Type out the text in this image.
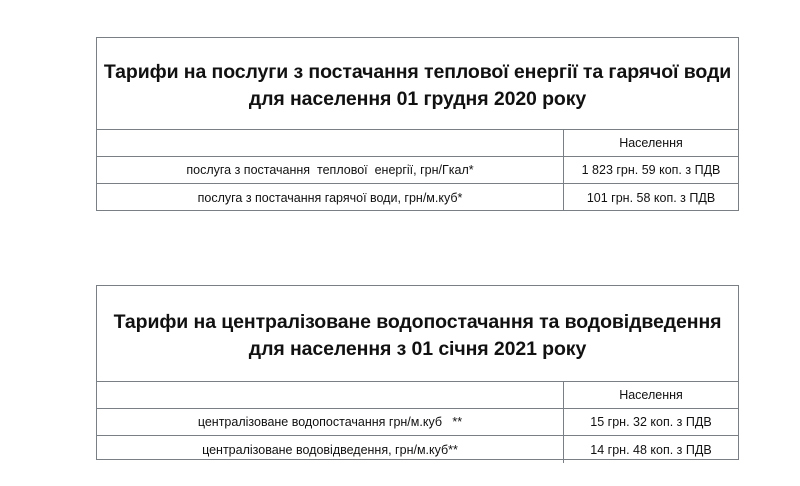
Тарифи на послуги з постачання теплової енергії та гарячої води
для населення 01 грудня 2020 року
Населення
послуга з постачання  теплової  енергії, грн/Гкал*	1 823 грн. 59 коп. з ПДВ
послуга з постачання гарячої води, грн/м.куб*	101 грн. 58 коп. з ПДВ
Тарифи на централізоване водопостачання та водовідведення
для населення з 01 січня 2021 року
Населення
централізоване водопостачання грн/м.куб   **	15 грн. 32 коп. з ПДВ
централізоване водовідведення, грн/м.куб**	14 грн. 48 коп. з ПДВ
